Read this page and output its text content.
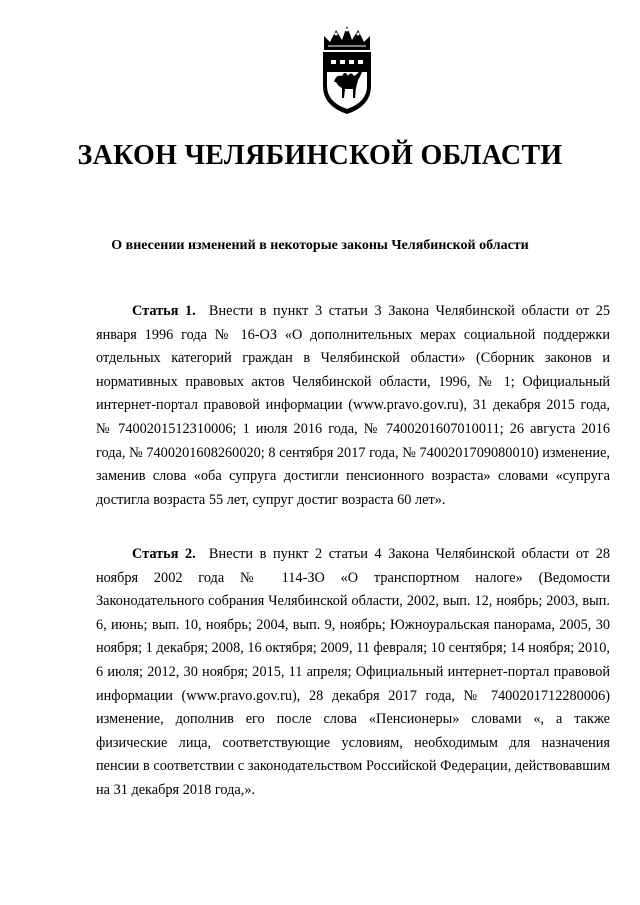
ЗАКОН ЧЕЛЯБИНСКОЙ ОБЛАСТИ
О внесении изменений в некоторые законы Челябинской области

Статья 1. Внести в пункт 3 статьи 3 Закона Челябинской области от 25 января 1996 года № 16-ОЗ «О дополнительных мерах социальной поддержки отдельных категорий граждан в Челябинской области» (Сборник законов и нормативных правовых актов Челябинской области, 1996, № 1; Официальный интернет-портал правовой информации (www.pravo.gov.ru), 31 декабря 2015 года, № 7400201512310006; 1 июля 2016 года, № 7400201607010011; 26 августа 2016 года, № 7400201608260020; 8 сентября 2017 года, № 7400201709080010) изменение, заменив слова «оба супруга достигли пенсионного возраста» словами «супруга достигла возраста 55 лет, супруг достиг возраста 60 лет».

Статья 2. Внести в пункт 2 статьи 4 Закона Челябинской области от 28 ноября 2002 года № 114-ЗО «О транспортном налоге» (Ведомости Законодательного собрания Челябинской области, 2002, вып. 12, ноябрь; 2003, вып. 6, июнь; вып. 10, ноябрь; 2004, вып. 9, ноябрь; Южноуральская панорама, 2005, 30 ноября; 1 декабря; 2008, 16 октября; 2009, 11 февраля; 10 сентября; 14 ноября; 2010, 6 июля; 2012, 30 ноября; 2015, 11 апреля; Официальный интернет-портал правовой информации (www.pravo.gov.ru), 28 декабря 2017 года, № 7400201712280006) изменение, дополнив его после слова «Пенсионеры» словами «, а также физические лица, соответствующие условиям, необходимым для назначения пенсии в соответствии с законодательством Российской Федерации, действовавшим на 31 декабря 2018 года,».
